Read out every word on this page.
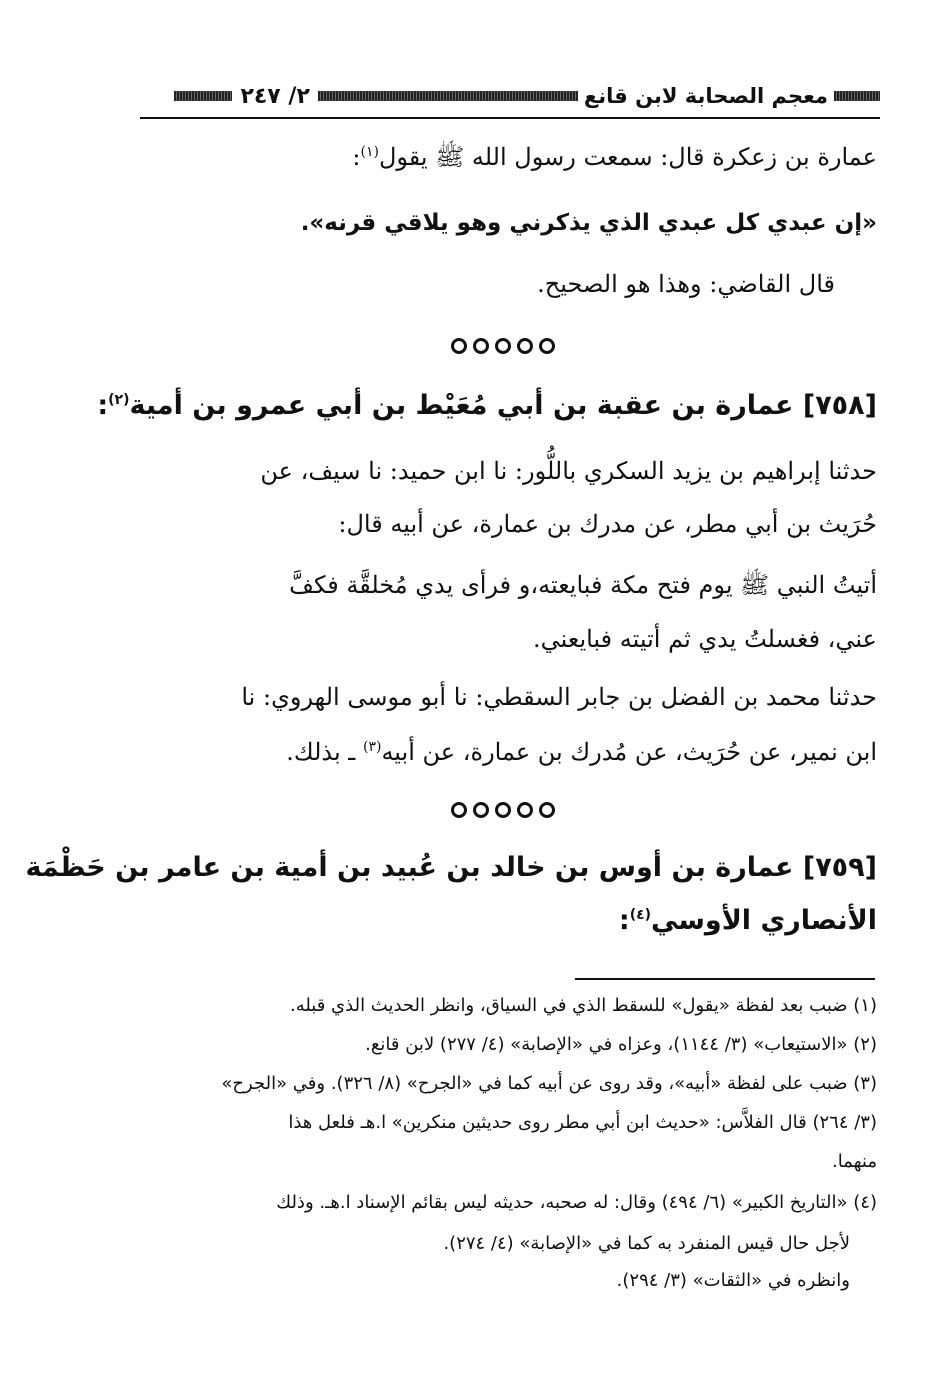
معجم الصحابة لابن قانع
٢/ ٢٤٧
عمارة بن زعكرة قال: سمعت رسول الله ﷺ يقول$^{(١)}$:
«إن عبدي كل عبدي الذي يذكرني وهو يلاقي قرنه».
قال القاضي: وهذا هو الصحيح.
[٧٥٨] عمارة بن عقبة بن أبي مُعَيْط بن أبي عمرو بن أمية$^{(٢)}$:
حدثنا إبراهيم بن يزيد السكري باللُّور: نا ابن حميد: نا سيف، عن
حُرَيث بن أبي مطر، عن مدرك بن عمارة، عن أبيه قال:
أتيتُ النبي ﷺ يوم فتح مكة فبايعته،و فرأى يدي مُخلقَّة فكفَّ
عني، فغسلتُ يدي ثم أتيته فبايعني.
حدثنا محمد بن الفضل بن جابر السقطي: نا أبو موسى الهروي: نا
ابن نمير، عن حُرَيث، عن مُدرك بن عمارة، عن أبيه$^{(٣)}$ ـ بذلك.
[٧٥٩] عمارة بن أوس بن خالد بن عُبيد بن أمية بن عامر بن حَظْمَة
الأنصاري الأوسي$^{(٤)}$:
(١) ضبب بعد لفظة «يقول» للسقط الذي في السياق، وانظر الحديث الذي قبله.
(٢) «الاستيعاب» (٣/ ١١٤٤)، وعزاه في «الإصابة» (٤/ ٢٧٧) لابن قانع.
(٣) ضبب على لفظة «أبيه»، وقد روى عن أبيه كما في «الجرح» (٨/ ٣٢٦). وفي «الجرح»
(٣/ ٢٦٤) قال الفلاَّس: «حديث ابن أبي مطر روى حديثين منكرين» ا.هـ فلعل هذا
منهما.
(٤) «التاريخ الكبير» (٦/ ٤٩٤) وقال: له صحبه، حديثه ليس بقائم الإسناد ا.هـ. وذلك
لأجل حال قيس المنفرد به كما في «الإصابة» (٤/ ٢٧٤).
وانظره في «الثقات» (٣/ ٢٩٤).
